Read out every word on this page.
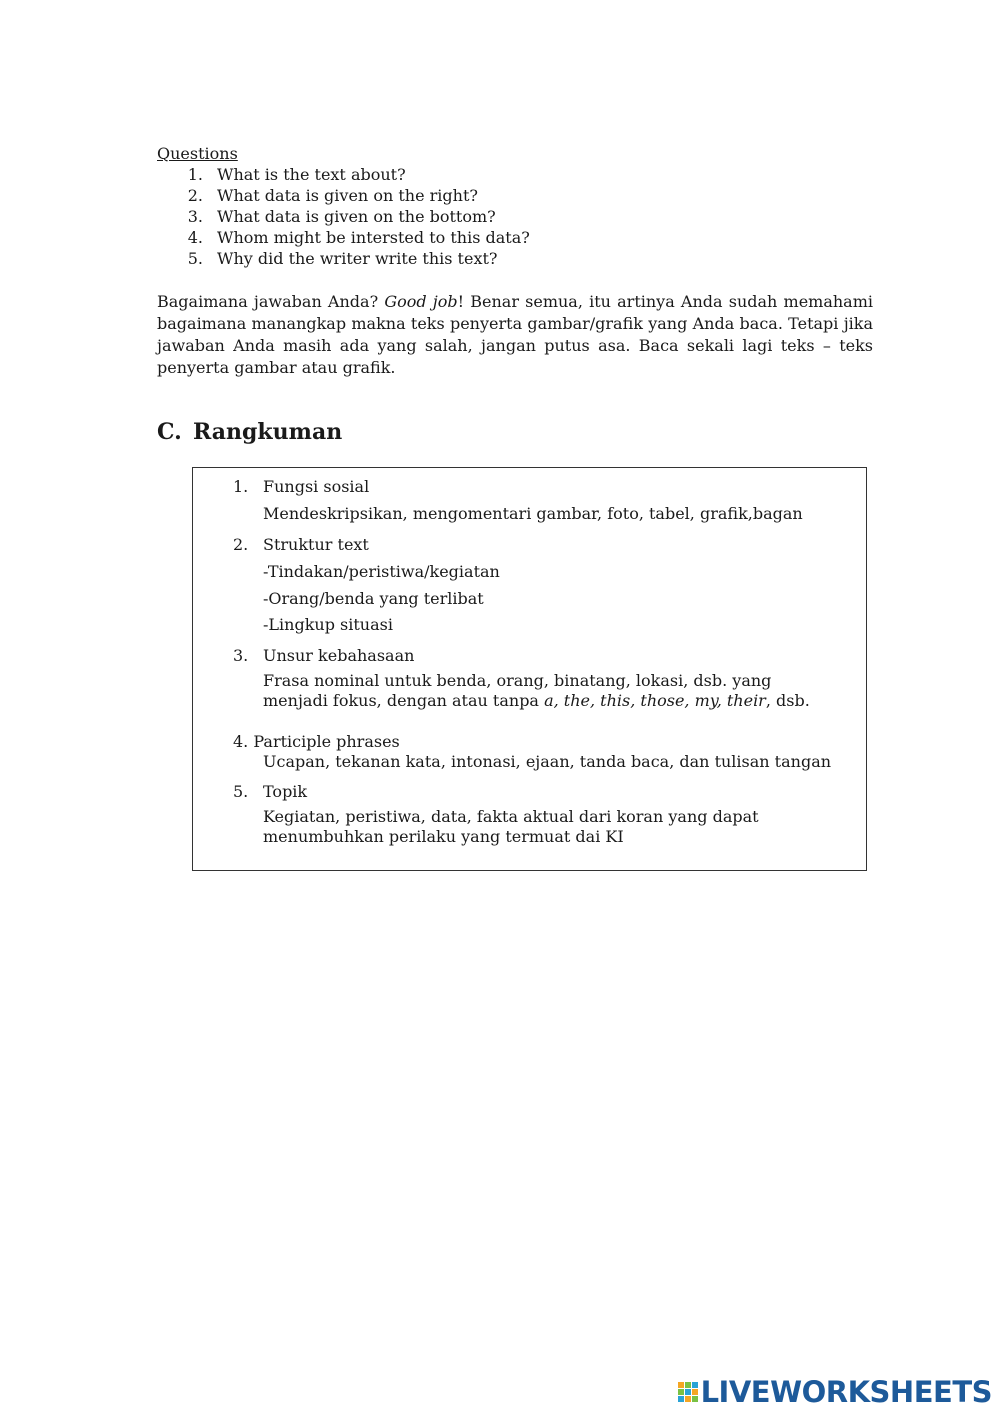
Questions
1. What is the text about?
2. What data is given on the right?
3. What data is given on the bottom?
4. Whom might be intersted to this data?
5. Why did the writer write this text?
Bagaimana jawaban Anda? Good job! Benar semua, itu artinya Anda sudah memahami bagaimana manangkap makna teks penyerta gambar/grafik yang Anda baca. Tetapi jika jawaban Anda masih ada yang salah, jangan putus asa. Baca sekali lagi teks – teks penyerta gambar atau grafik.
C. Rangkuman
1. Fungsi sosial
Mendeskripsikan, mengomentari gambar, foto, tabel, grafik,bagan
2. Struktur text
-Tindakan/peristiwa/kegiatan
-Orang/benda yang terlibat
-Lingkup situasi
3. Unsur kebahasaan
Frasa nominal untuk benda, orang, binatang, lokasi, dsb. yang menjadi fokus, dengan atau tanpa a, the, this, those, my, their, dsb.
4. Participle phrases
Ucapan, tekanan kata, intonasi, ejaan, tanda baca, dan tulisan tangan
5. Topik
Kegiatan, peristiwa, data, fakta aktual dari koran yang dapat menumbuhkan perilaku yang termuat dai KI
LIVEWORKSHEETS
